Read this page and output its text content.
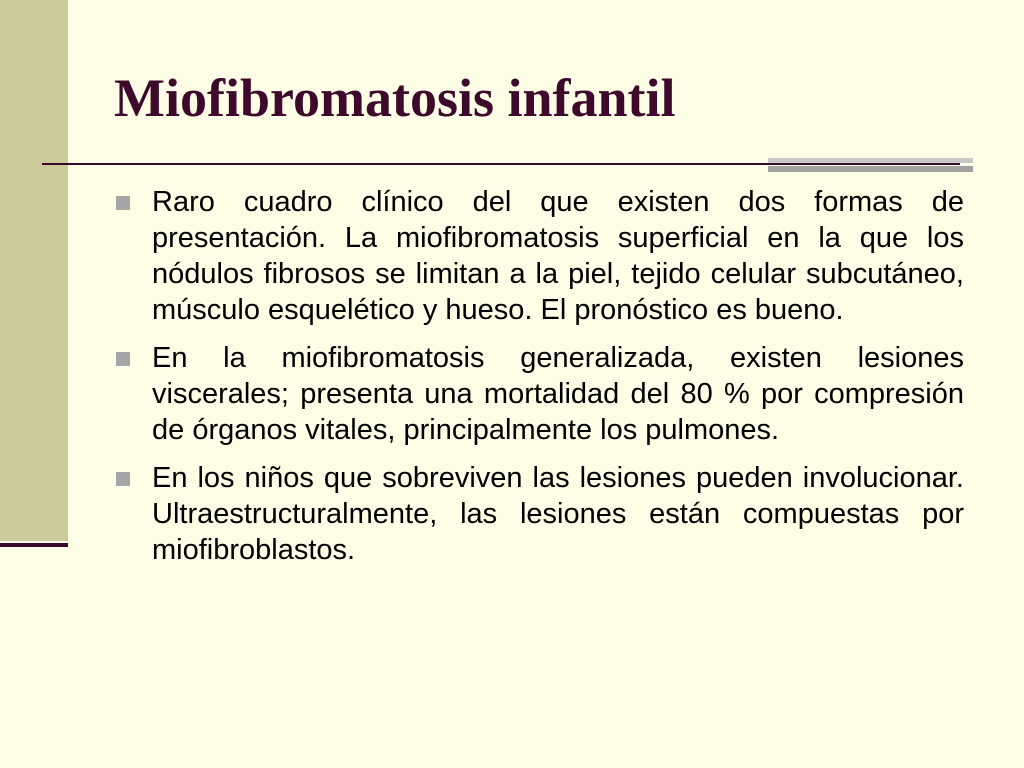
Miofibromatosis infantil
Raro cuadro clínico del que existen dos formas de presentación. La miofibromatosis superficial en la que los nódulos fibrosos se limitan a la piel, tejido celular subcutáneo, músculo esquelético y hueso. El pronóstico es bueno.
En la miofibromatosis generalizada, existen lesiones viscerales; presenta una mortalidad del 80 % por compresión de órganos vitales, principalmente los pulmones.
En los niños que sobreviven las lesiones pueden involucionar. Ultraestructuralmente, las lesiones están compuestas por miofibroblastos.
